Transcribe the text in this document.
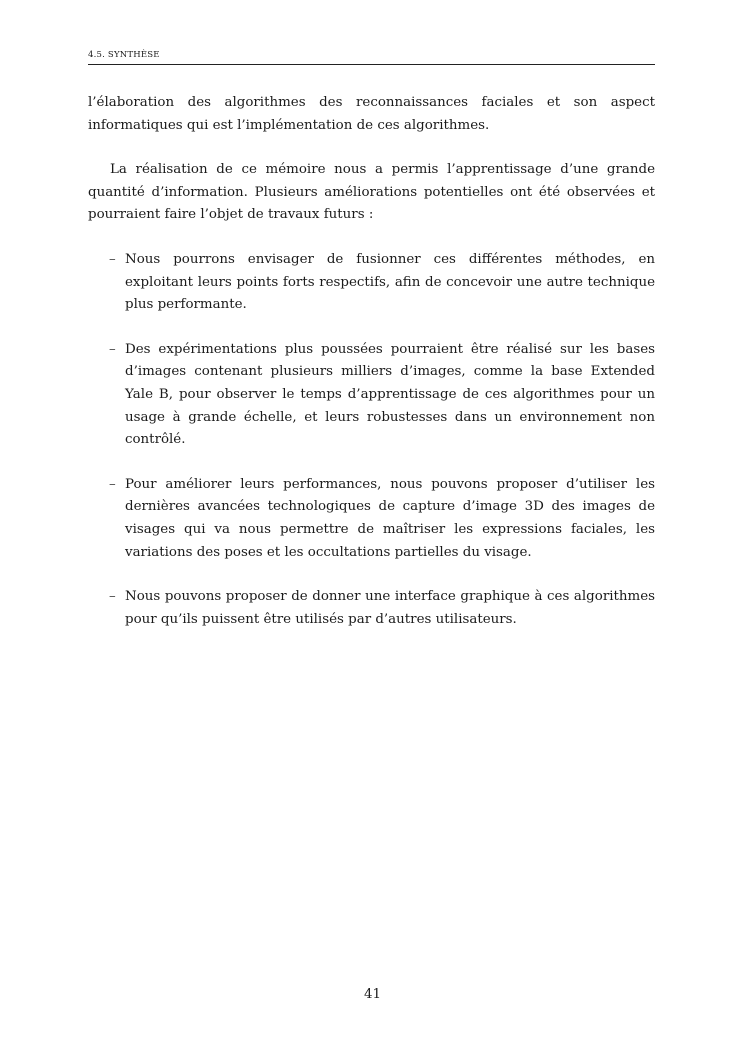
4.5. SYNTHÈSE

l’élaboration des algorithmes des reconnaissances faciales et son aspect informatiques qui est l’implémentation de ces algorithmes.

La réalisation de ce mémoire nous a permis l’apprentissage d’une grande quantité d’information. Plusieurs améliorations potentielles ont été observées et pourraient faire l’objet de travaux futurs :

– Nous pourrons envisager de fusionner ces différentes méthodes, en exploitant leurs points forts respectifs, afin de concevoir une autre technique plus performante.
– Des expérimentations plus poussées pourraient être réalisé sur les bases d’images contenant plusieurs milliers d’images, comme la base Extended Yale B, pour observer le temps d’apprentissage de ces algorithmes pour un usage à grande échelle, et leurs robustesses dans un environnement non contrôlé.
– Pour améliorer leurs performances, nous pouvons proposer d’utiliser les dernières avancées technologiques de capture d’image 3D des images de visages qui va nous permettre de maîtriser les expressions faciales, les variations des poses et les occultations partielles du visage.
– Nous pouvons proposer de donner une interface graphique à ces algorithmes pour qu’ils puissent être utilisés par d’autres utilisateurs.
41
